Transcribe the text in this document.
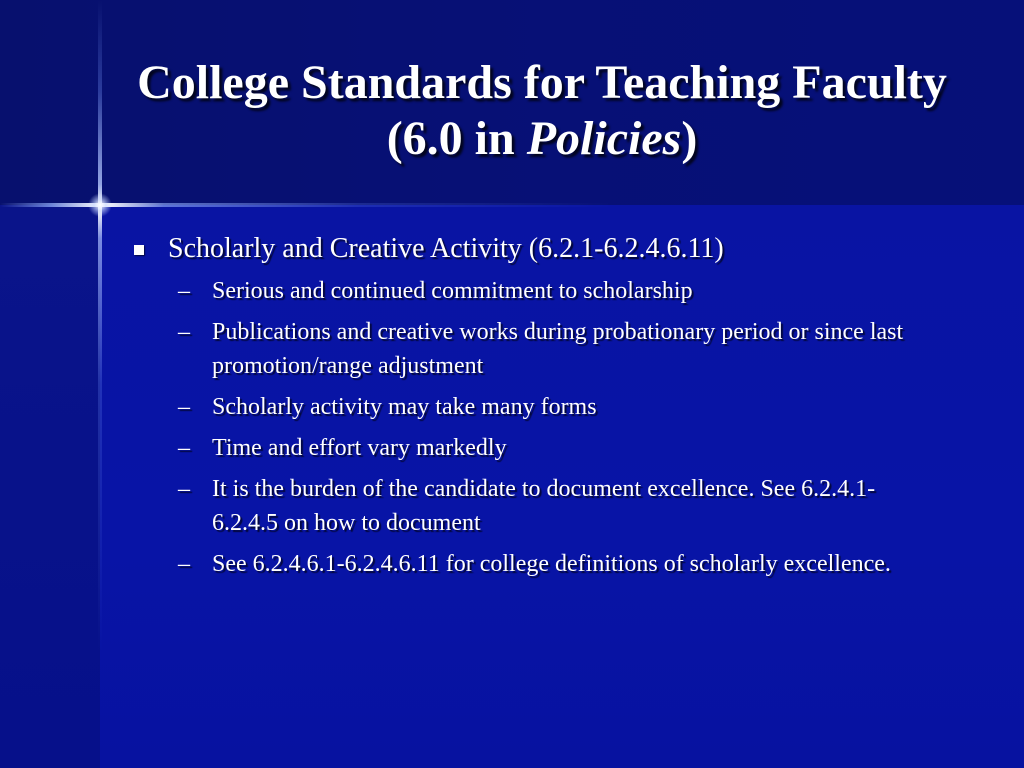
College Standards for Teaching Faculty (6.0 in Policies)
Scholarly and Creative Activity (6.2.1-6.2.4.6.11)
– Serious and continued commitment to scholarship
– Publications and creative works during probationary period or since last promotion/range adjustment
– Scholarly activity may take many forms
– Time and effort vary markedly
– It is the burden of the candidate to document excellence. See 6.2.4.1-6.2.4.5 on how to document
– See 6.2.4.6.1-6.2.4.6.11 for college definitions of scholarly excellence.
